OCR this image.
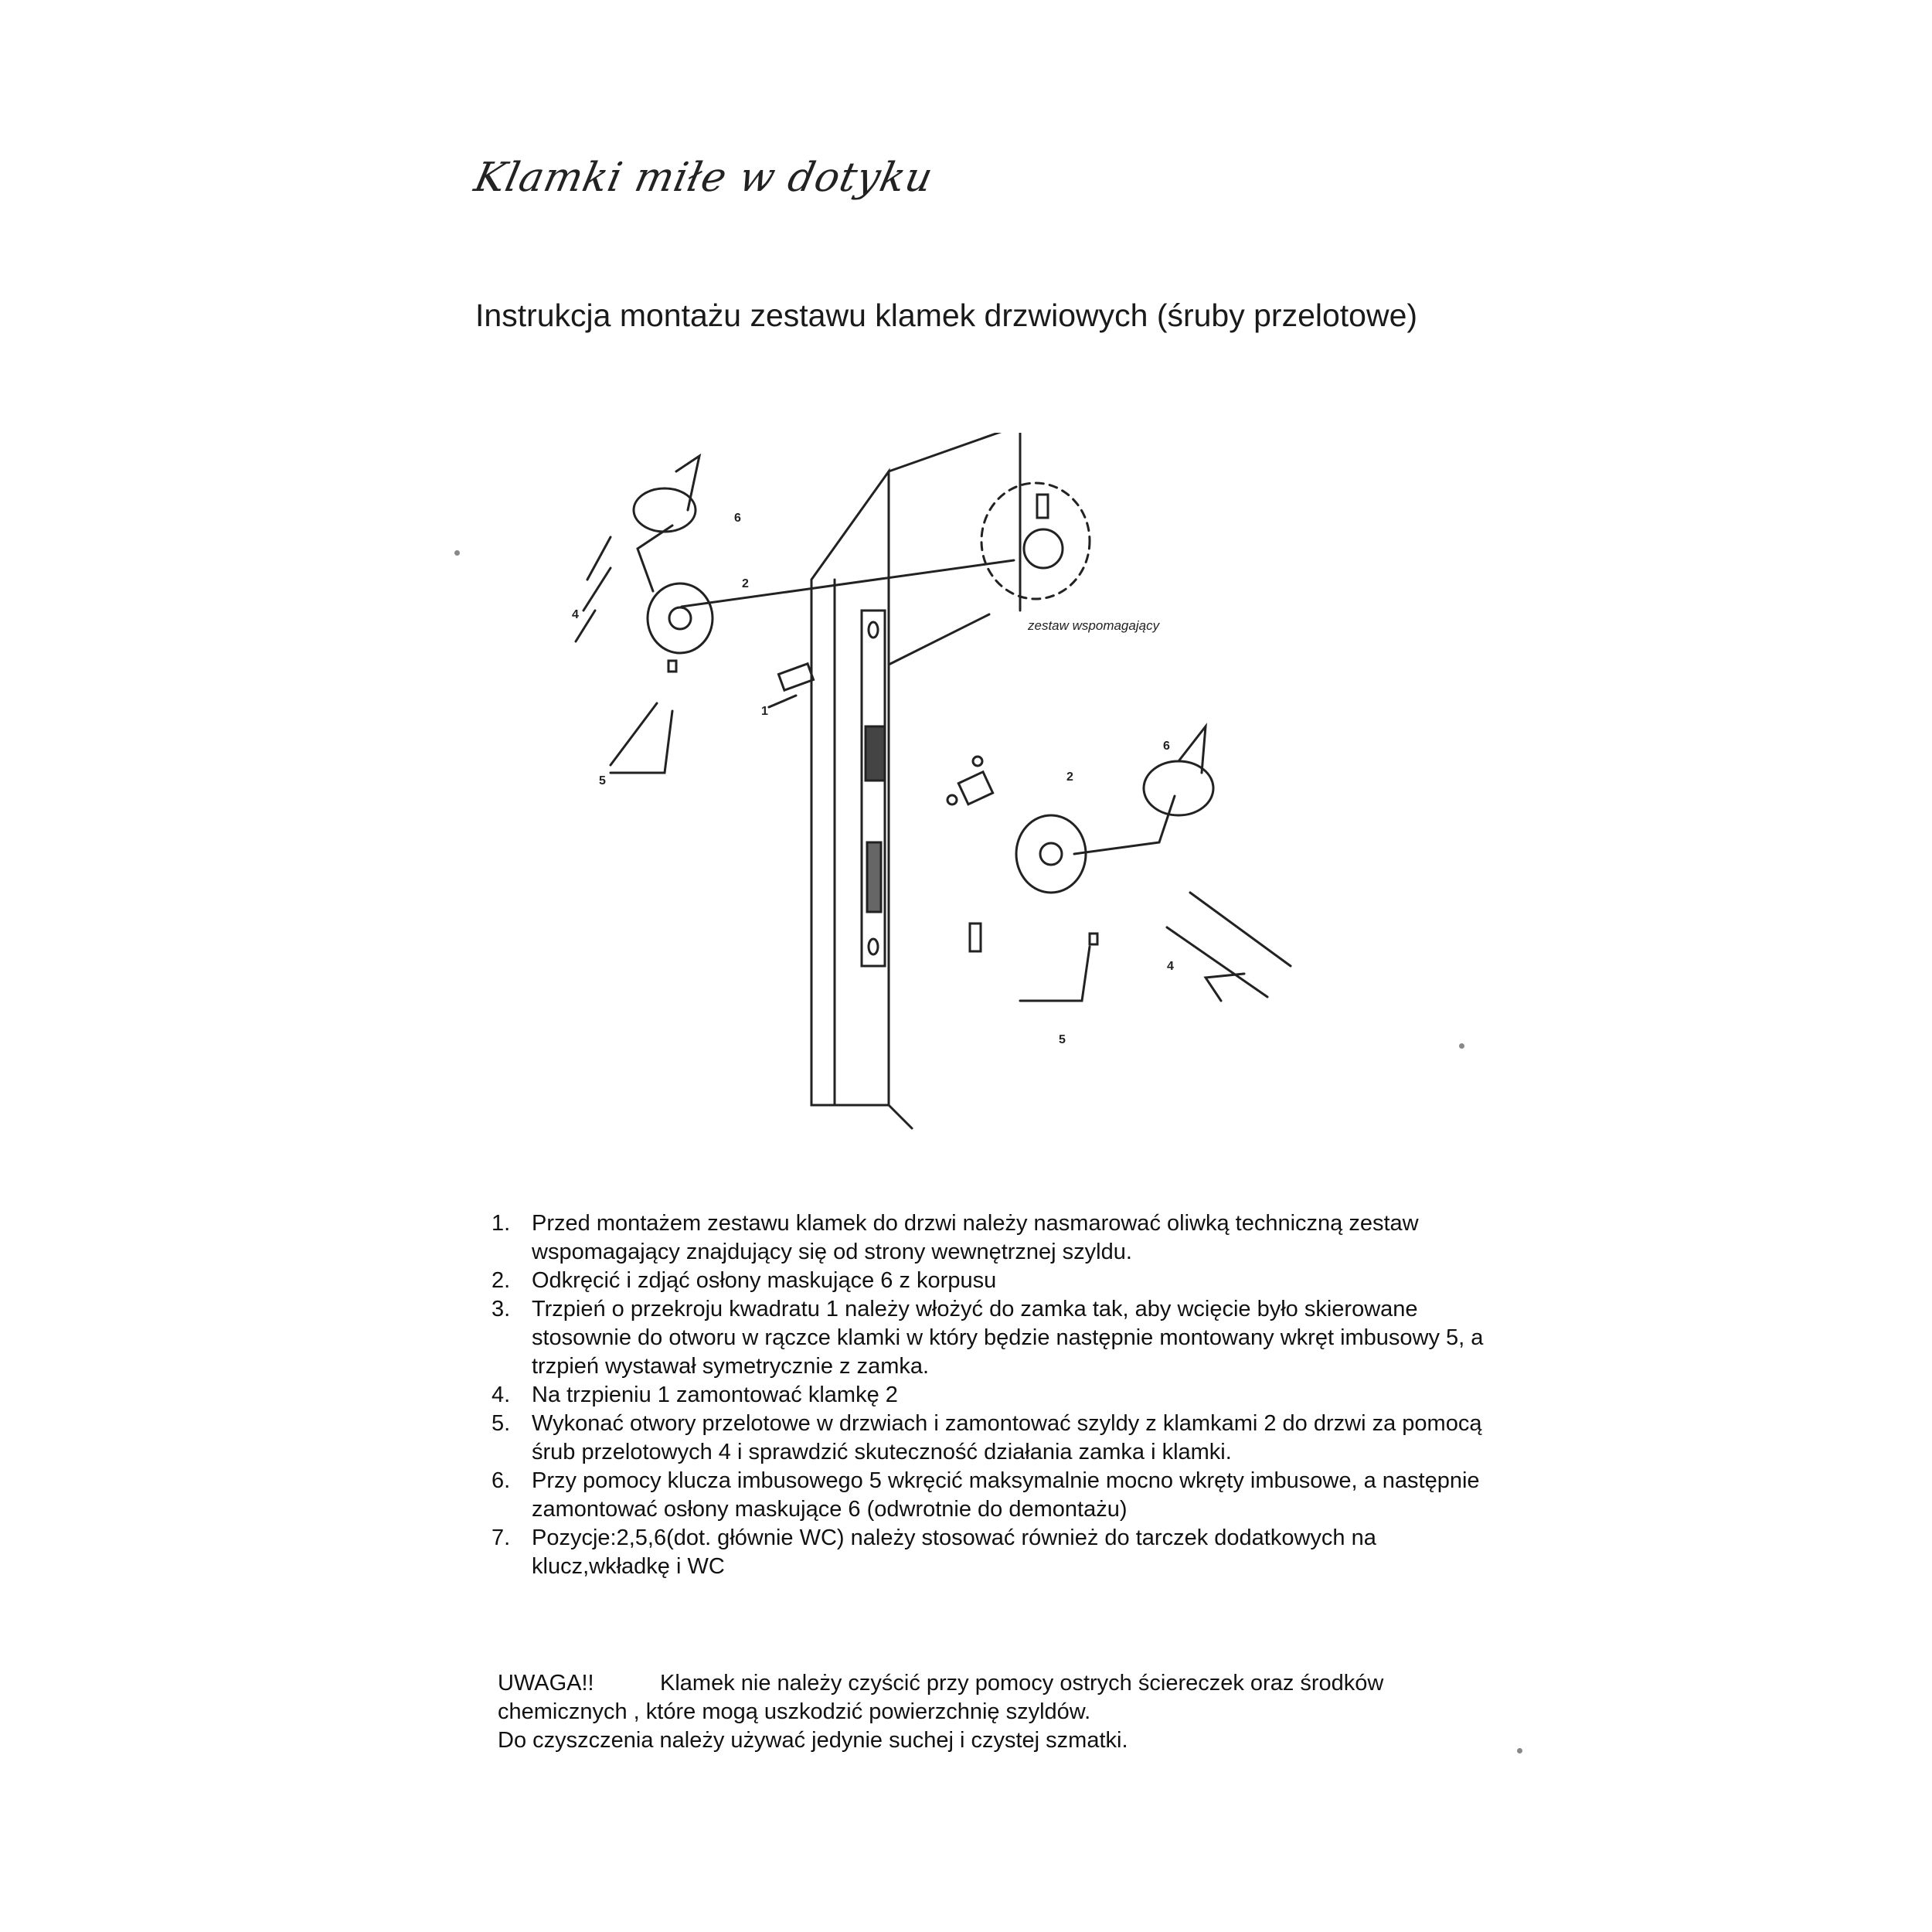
Klamki miłe w dotyku
Instrukcja montażu zestawu klamek drzwiowych (śruby przelotowe)
6
2
4
5
1
6
2
4
5
zestaw wspomagający
1. Przed montażem zestawu klamek do drzwi należy nasmarować oliwką techniczną zestaw wspomagający znajdujący się od strony wewnętrznej szyldu.
2. Odkręcić i zdjąć osłony maskujące 6 z korpusu
3. Trzpień o przekroju kwadratu 1 należy włożyć do zamka tak, aby wcięcie było skierowane stosownie do otworu w rączce klamki w który będzie następnie montowany wkręt imbusowy 5, a trzpień wystawał symetrycznie z zamka.
4. Na trzpieniu 1 zamontować klamkę 2
5. Wykonać otwory przelotowe w drzwiach i zamontować szyldy z klamkami 2 do drzwi za pomocą śrub przelotowych 4 i sprawdzić skuteczność działania zamka i klamki.
6. Przy pomocy klucza imbusowego 5 wkręcić maksymalnie mocno wkręty imbusowe, a następnie zamontować osłony maskujące 6 (odwrotnie do demontażu)
7. Pozycje:2,5,6(dot. głównie WC) należy stosować również do tarczek dodatkowych na klucz,wkładkę i WC
UWAGA!!	Klamek nie należy czyścić przy pomocy ostrych ściereczek oraz środków chemicznych , które mogą uszkodzić powierzchnię szyldów.
Do czyszczenia należy używać jedynie suchej i czystej szmatki.
